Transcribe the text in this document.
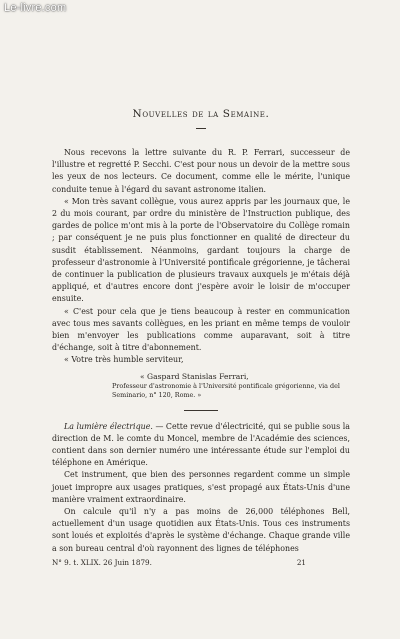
Le-livre.com
Nouvelles de la Semaine.

Nous recevons la lettre suivante du R. P. Ferrari, successeur de l'illustre et regretté P. Secchi. C'est pour nous un devoir de la mettre sous les yeux de nos lecteurs. Ce document, comme elle le mérite, l'unique conduite tenue à l'égard du savant astronome italien.

« Mon très savant collègue, vous aurez appris par les journaux que, le 2 du mois courant, par ordre du ministère de l'Instruction publique, des gardes de police m'ont mis à la porte de l'Observatoire du Collège romain ; par conséquent je ne puis plus fonctionner en qualité de directeur du susdit établissement. Néanmoins, gardant toujours la charge de professeur d'astronomie à l'Université pontificale grégorienne, je tâcherai de continuer la publication de plusieurs travaux auxquels je m'étais déjà appliqué, et d'autres encore dont j'espère avoir le loisir de m'occuper ensuite.

« C'est pour cela que je tiens beaucoup à rester en communication avec tous mes savants collègues, en les priant en même temps de vouloir bien m'envoyer les publications comme auparavant, soit à titre d'échange, soit à titre d'abonnement.

« Votre très humble serviteur,

« Gaspard Stanislas Ferrari,
Professeur d'astronomie à l'Université pontificale grégorienne, via del Seminario, n° 120, Rome. »

La lumière électrique. — Cette revue d'électricité, qui se publie sous la direction de M. le comte du Moncel, membre de l'Académie des sciences, contient dans son dernier numéro une intéressante étude sur l'emploi du téléphone en Amérique.

Cet instrument, que bien des personnes regardent comme un simple jouet impropre aux usages pratiques, s'est propagé aux États-Unis d'une manière vraiment extraordinaire.

On calcule qu'il n'y a pas moins de 26,000 téléphones Bell, actuellement d'un usage quotidien aux États-Unis. Tous ces instruments sont loués et exploités d'après le système d'échange. Chaque grande ville a son bureau central d'où rayonnent des lignes de téléphones

N° 9. t. XLIX. 26 Juin 1879.	21
